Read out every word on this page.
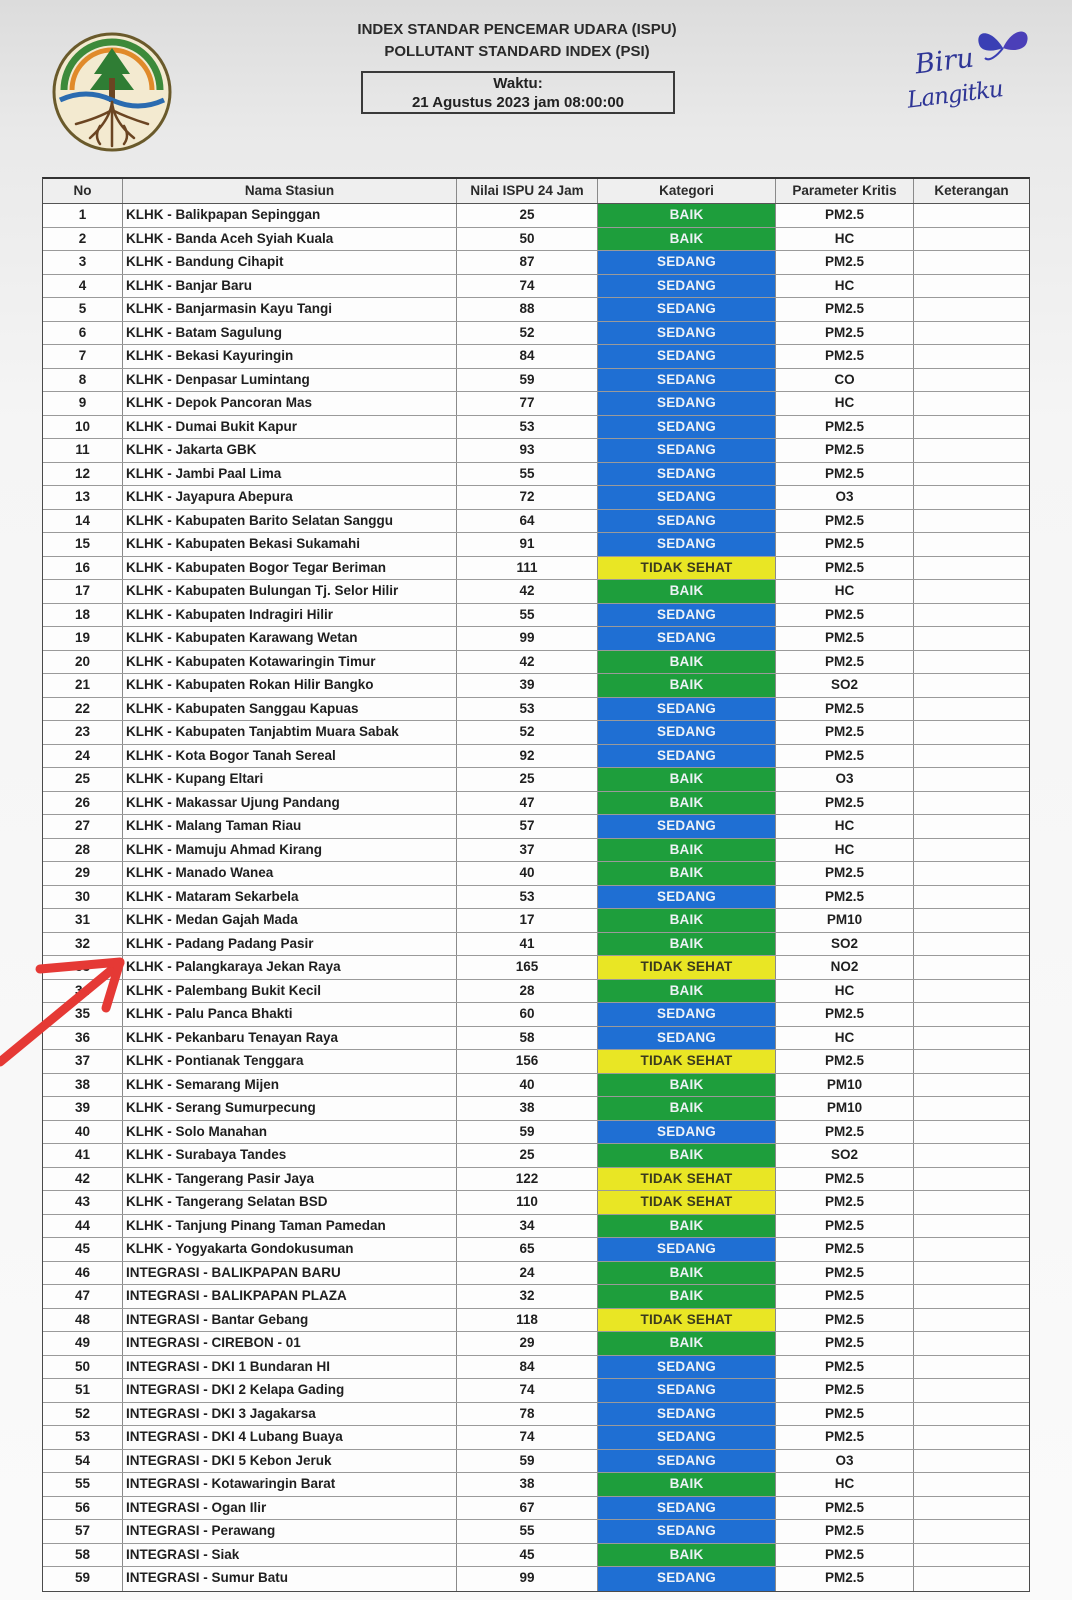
INDEX STANDAR PENCEMAR UDARA (ISPU)
POLLUTANT STANDARD INDEX (PSI)
Waktu:
21 Agustus 2023 jam 08:00:00
Biru
Langitku
No	Nama Stasiun	Nilai ISPU 24 Jam	Kategori	Parameter Kritis	Keterangan
1	KLHK - Balikpapan Sepinggan	25	BAIK	PM2.5
2	KLHK - Banda Aceh Syiah Kuala	50	BAIK	HC
3	KLHK - Bandung Cihapit	87	SEDANG	PM2.5
4	KLHK - Banjar Baru	74	SEDANG	HC
5	KLHK - Banjarmasin Kayu Tangi	88	SEDANG	PM2.5
6	KLHK - Batam Sagulung	52	SEDANG	PM2.5
7	KLHK - Bekasi Kayuringin	84	SEDANG	PM2.5
8	KLHK - Denpasar Lumintang	59	SEDANG	CO
9	KLHK - Depok Pancoran Mas	77	SEDANG	HC
10	KLHK - Dumai Bukit Kapur	53	SEDANG	PM2.5
11	KLHK - Jakarta GBK	93	SEDANG	PM2.5
12	KLHK - Jambi Paal Lima	55	SEDANG	PM2.5
13	KLHK - Jayapura Abepura	72	SEDANG	O3
14	KLHK - Kabupaten Barito Selatan Sanggu	64	SEDANG	PM2.5
15	KLHK - Kabupaten Bekasi Sukamahi	91	SEDANG	PM2.5
16	KLHK - Kabupaten Bogor Tegar Beriman	111	TIDAK SEHAT	PM2.5
17	KLHK - Kabupaten Bulungan Tj. Selor Hilir	42	BAIK	HC
18	KLHK - Kabupaten Indragiri Hilir	55	SEDANG	PM2.5
19	KLHK - Kabupaten Karawang Wetan	99	SEDANG	PM2.5
20	KLHK - Kabupaten Kotawaringin Timur	42	BAIK	PM2.5
21	KLHK - Kabupaten Rokan Hilir Bangko	39	BAIK	SO2
22	KLHK - Kabupaten Sanggau Kapuas	53	SEDANG	PM2.5
23	KLHK - Kabupaten Tanjabtim Muara Sabak	52	SEDANG	PM2.5
24	KLHK - Kota Bogor Tanah Sereal	92	SEDANG	PM2.5
25	KLHK - Kupang Eltari	25	BAIK	O3
26	KLHK - Makassar Ujung Pandang	47	BAIK	PM2.5
27	KLHK - Malang Taman Riau	57	SEDANG	HC
28	KLHK - Mamuju Ahmad Kirang	37	BAIK	HC
29	KLHK - Manado Wanea	40	BAIK	PM2.5
30	KLHK - Mataram Sekarbela	53	SEDANG	PM2.5
31	KLHK - Medan Gajah Mada	17	BAIK	PM10
32	KLHK - Padang Padang Pasir	41	BAIK	SO2
33	KLHK - Palangkaraya Jekan Raya	165	TIDAK SEHAT	NO2
34	KLHK - Palembang Bukit Kecil	28	BAIK	HC
35	KLHK - Palu Panca Bhakti	60	SEDANG	PM2.5
36	KLHK - Pekanbaru Tenayan Raya	58	SEDANG	HC
37	KLHK - Pontianak Tenggara	156	TIDAK SEHAT	PM2.5
38	KLHK - Semarang Mijen	40	BAIK	PM10
39	KLHK - Serang Sumurpecung	38	BAIK	PM10
40	KLHK - Solo Manahan	59	SEDANG	PM2.5
41	KLHK - Surabaya Tandes	25	BAIK	SO2
42	KLHK - Tangerang Pasir Jaya	122	TIDAK SEHAT	PM2.5
43	KLHK - Tangerang Selatan BSD	110	TIDAK SEHAT	PM2.5
44	KLHK - Tanjung Pinang Taman Pamedan	34	BAIK	PM2.5
45	KLHK - Yogyakarta Gondokusuman	65	SEDANG	PM2.5
46	INTEGRASI - BALIKPAPAN BARU	24	BAIK	PM2.5
47	INTEGRASI - BALIKPAPAN PLAZA	32	BAIK	PM2.5
48	INTEGRASI - Bantar Gebang	118	TIDAK SEHAT	PM2.5
49	INTEGRASI - CIREBON - 01	29	BAIK	PM2.5
50	INTEGRASI - DKI 1 Bundaran HI	84	SEDANG	PM2.5
51	INTEGRASI - DKI 2 Kelapa Gading	74	SEDANG	PM2.5
52	INTEGRASI - DKI 3 Jagakarsa	78	SEDANG	PM2.5
53	INTEGRASI - DKI 4 Lubang Buaya	74	SEDANG	PM2.5
54	INTEGRASI - DKI 5 Kebon Jeruk	59	SEDANG	O3
55	INTEGRASI - Kotawaringin Barat	38	BAIK	HC
56	INTEGRASI - Ogan Ilir	67	SEDANG	PM2.5
57	INTEGRASI - Perawang	55	SEDANG	PM2.5
58	INTEGRASI - Siak	45	BAIK	PM2.5
59	INTEGRASI - Sumur Batu	99	SEDANG	PM2.5
